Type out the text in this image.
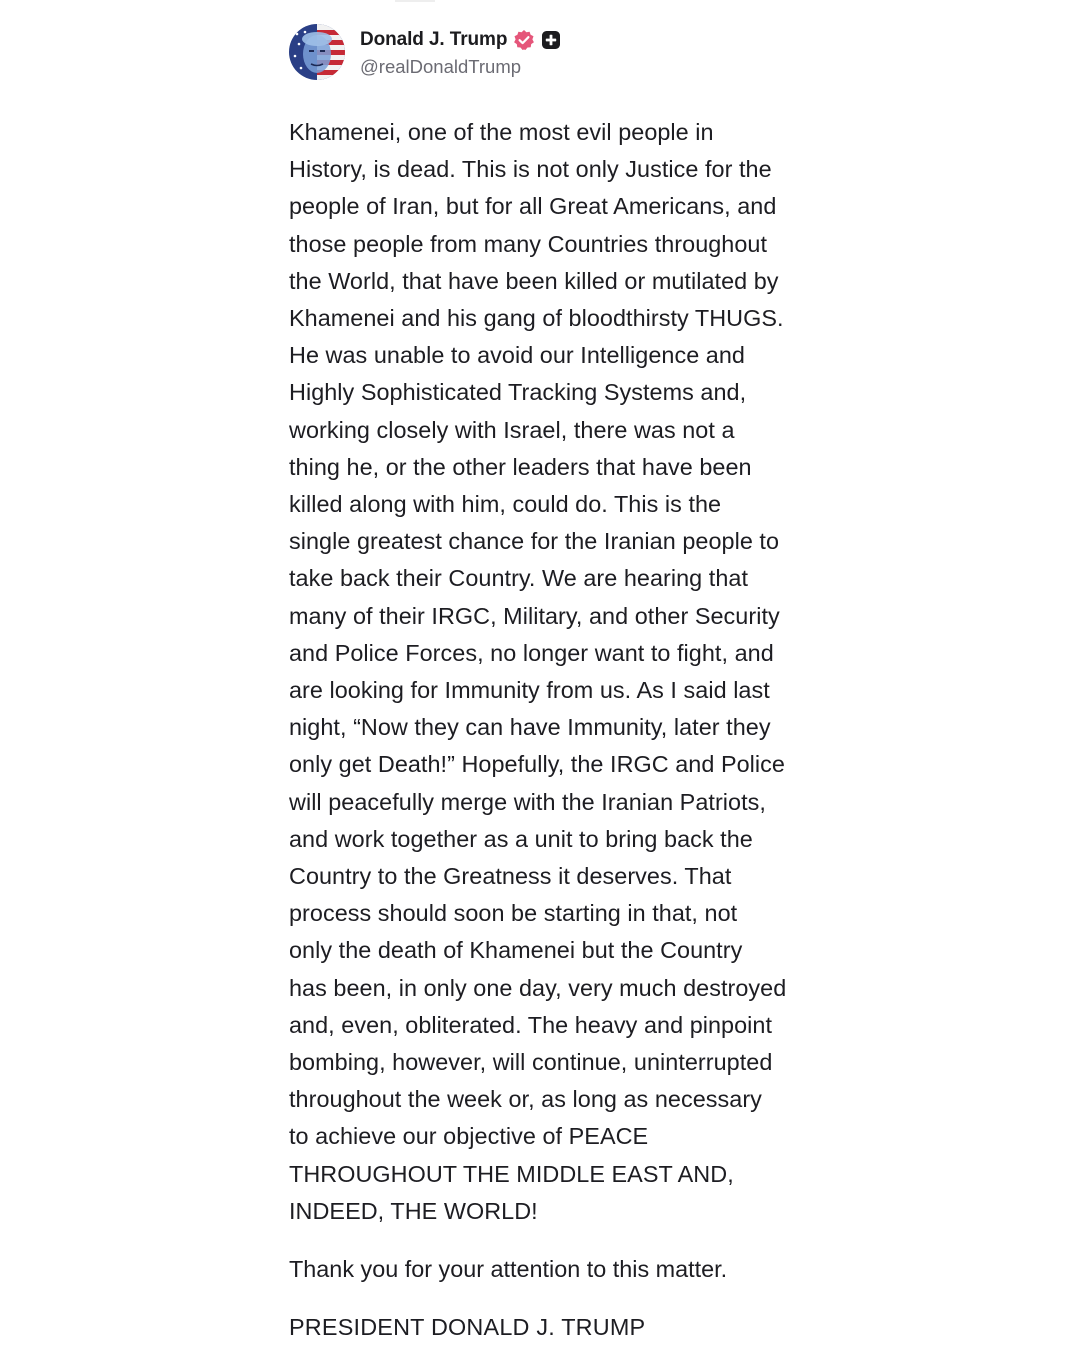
Donald J. Trump
@realDonaldTrump
Khamenei, one of the most evil people in
History, is dead. This is not only Justice for the
people of Iran, but for all Great Americans, and
those people from many Countries throughout
the World, that have been killed or mutilated by
Khamenei and his gang of bloodthirsty THUGS.
He was unable to avoid our Intelligence and
Highly Sophisticated Tracking Systems and,
working closely with Israel, there was not a
thing he, or the other leaders that have been
killed along with him, could do. This is the
single greatest chance for the Iranian people to
take back their Country. We are hearing that
many of their IRGC, Military, and other Security
and Police Forces, no longer want to fight, and
are looking for Immunity from us. As I said last
night, “Now they can have Immunity, later they
only get Death!” Hopefully, the IRGC and Police
will peacefully merge with the Iranian Patriots,
and work together as a unit to bring back the
Country to the Greatness it deserves. That
process should soon be starting in that, not
only the death of Khamenei but the Country
has been, in only one day, very much destroyed
and, even, obliterated. The heavy and pinpoint
bombing, however, will continue, uninterrupted
throughout the week or, as long as necessary
to achieve our objective of PEACE
THROUGHOUT THE MIDDLE EAST AND,
INDEED, THE WORLD!
Thank you for your attention to this matter.
PRESIDENT DONALD J. TRUMP
